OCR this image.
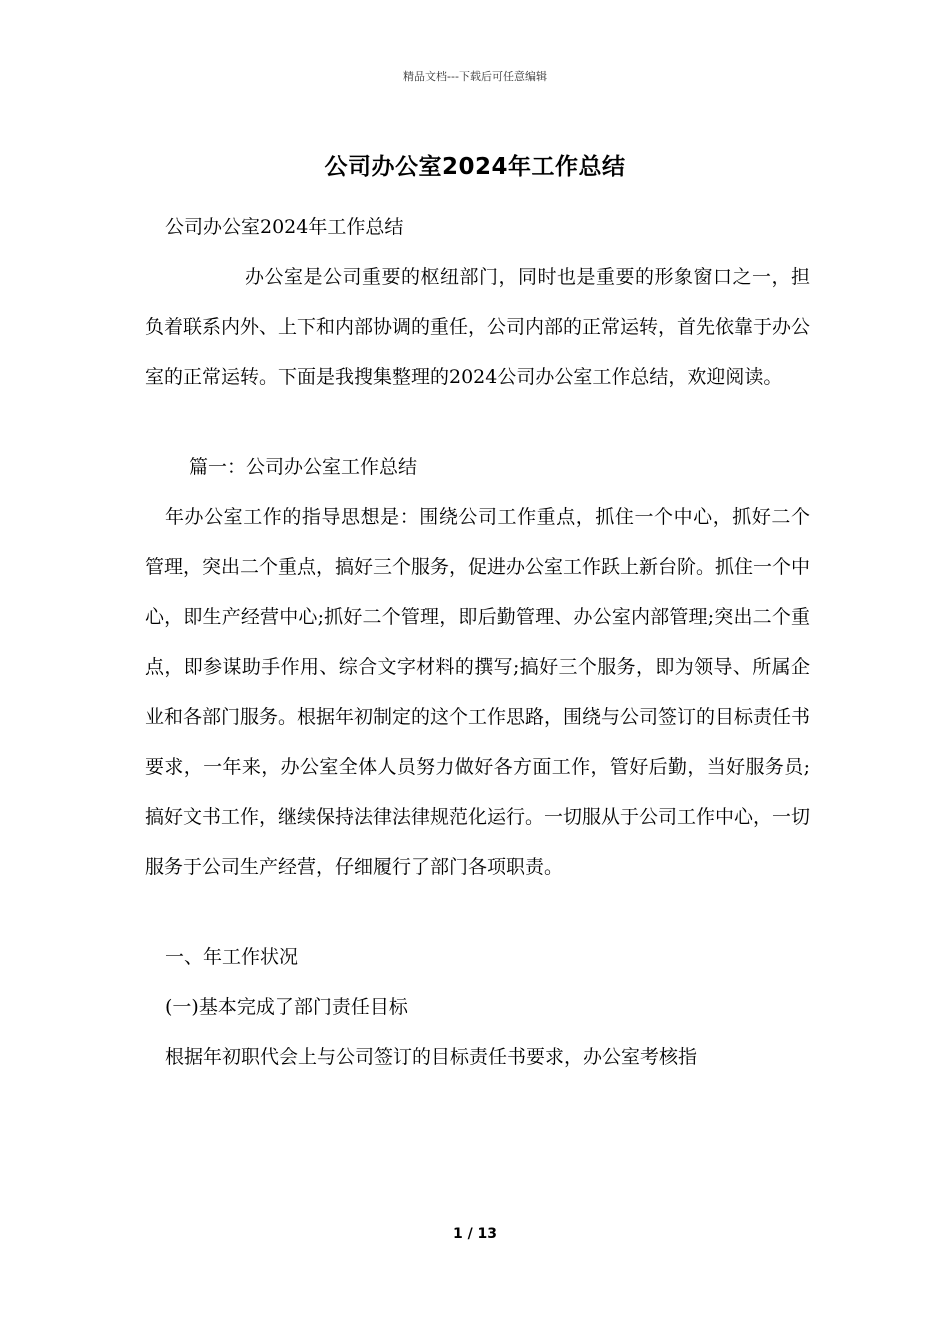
精品文档---下载后可任意编辑
公司办公室2024年工作总结

公司办公室2024年工作总结

办公室是公司重要的枢纽部门，同时也是重要的形象窗口之一，担负着联系内外、上下和内部协调的重任，公司内部的正常运转，首先依靠于办公室的正常运转。下面是我搜集整理的2024公司办公室工作总结，欢迎阅读。

篇一：公司办公室工作总结

年办公室工作的指导思想是：围绕公司工作重点，抓住一个中心，抓好二个管理，突出二个重点，搞好三个服务，促进办公室工作跃上新台阶。抓住一个中心，即生产经营中心;抓好二个管理，即后勤管理、办公室内部管理;突出二个重点，即参谋助手作用、综合文字材料的撰写;搞好三个服务，即为领导、所属企业和各部门服务。根据年初制定的这个工作思路，围绕与公司签订的目标责任书要求，一年来，办公室全体人员努力做好各方面工作，管好后勤，当好服务员;搞好文书工作，继续保持法律法律规范化运行。一切服从于公司工作中心，一切服务于公司生产经营，仔细履行了部门各项职责。

一、年工作状况

(一)基本完成了部门责任目标

根据年初职代会上与公司签订的目标责任书要求，办公室考核指

1 / 13
